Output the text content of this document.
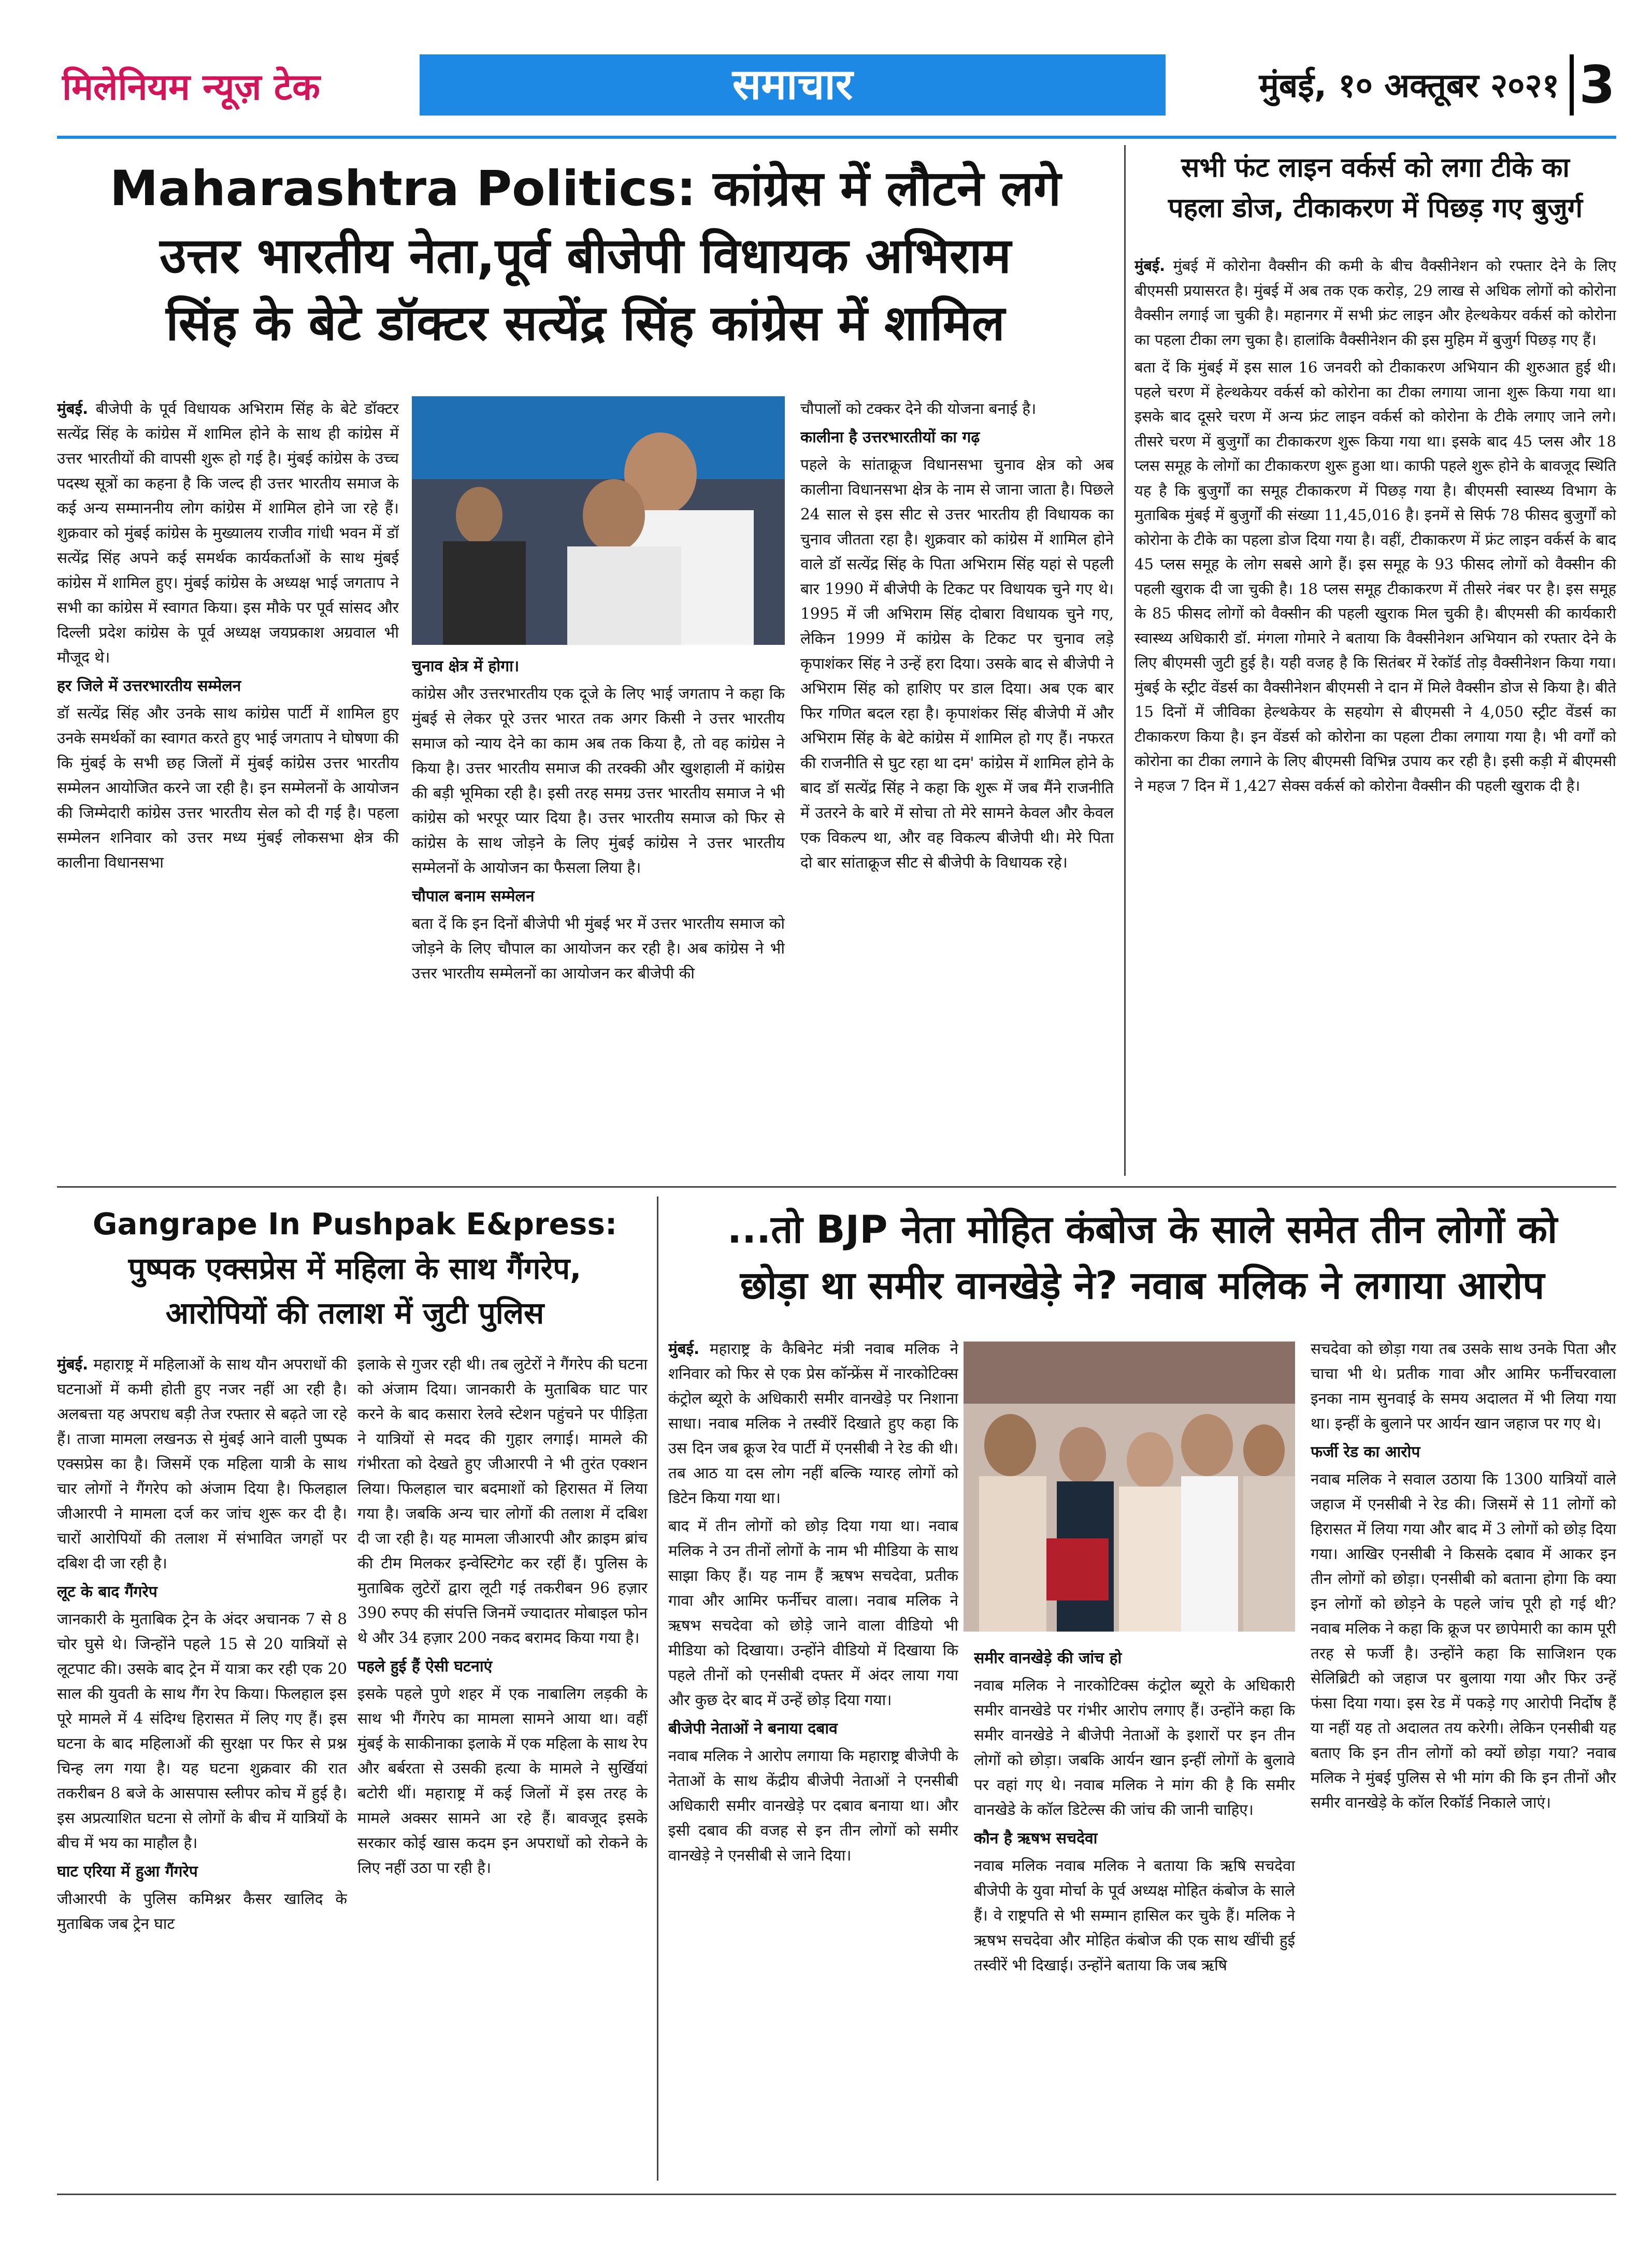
मिलेनियम न्यूज़ टेक	समाचार	मुंबई, १० अक्तूबर २०२१ 3
Maharashtra Politics: कांग्रेस में लौटने लगे
उत्तर भारतीय नेता,पूर्व बीजेपी विधायक अभिराम
सिंह के बेटे डॉक्टर सत्येंद्र सिंह कांग्रेस में शामिल

मुंबई. बीजेपी के पूर्व विधायक अभिराम सिंह के बेटे डॉक्टर सत्येंद्र सिंह के कांग्रेस में शामिल होने के साथ ही कांग्रेस में उत्तर भारतीयों की वापसी शुरू हो गई है। मुंबई कांग्रेस के उच्च पदस्थ सूत्रों का कहना है कि जल्द ही उत्तर भारतीय समाज के कई अन्य सम्माननीय लोग कांग्रेस में शामिल होने जा रहे हैं। शुक्रवार को मुंबई कांग्रेस के मुख्यालय राजीव गांधी भवन में डॉ सत्येंद्र सिंह अपने कई समर्थक कार्यकर्ताओं के साथ मुंबई कांग्रेस में शामिल हुए। मुंबई कांग्रेस के अध्यक्ष भाई जगताप ने सभी का कांग्रेस में स्वागत किया। इस मौके पर पूर्व सांसद और दिल्ली प्रदेश कांग्रेस के पूर्व अध्यक्ष जयप्रकाश अग्रवाल भी मौजूद थे।

हर जिले में उत्तरभारतीय सम्मेलन

डॉ सत्येंद्र सिंह और उनके साथ कांग्रेस पार्टी में शामिल हुए उनके समर्थकों का स्वागत करते हुए भाई जगताप ने घोषणा की कि मुंबई के सभी छह जिलों में मुंबई कांग्रेस उत्तर भारतीय सम्मेलन आयोजित करने जा रही है। इन सम्मेलनों के आयोजन की जिम्मेदारी कांग्रेस उत्तर भारतीय सेल को दी गई है। पहला सम्मेलन शनिवार को उत्तर मध्य मुंबई लोकसभा क्षेत्र की कालीना विधानसभा

चुनाव क्षेत्र में होगा।

कांग्रेस और उत्तरभारतीय एक दूजे के लिए भाई जगताप ने कहा कि मुंबई से लेकर पूरे उत्तर भारत तक अगर किसी ने उत्तर भारतीय समाज को न्याय देने का काम अब तक किया है, तो वह कांग्रेस ने किया है। उत्तर भारतीय समाज की तरक्की और खुशहाली में कांग्रेस की बड़ी भूमिका रही है। इसी तरह समग्र उत्तर भारतीय समाज ने भी कांग्रेस को भरपूर प्यार दिया है। उत्तर भारतीय समाज को फिर से कांग्रेस के साथ जोड़ने के लिए मुंबई कांग्रेस ने उत्तर भारतीय सम्मेलनों के आयोजन का फैसला लिया है।

चौपाल बनाम सम्मेलन

बता दें कि इन दिनों बीजेपी भी मुंबई भर में उत्तर भारतीय समाज को जोड़ने के लिए चौपाल का आयोजन कर रही है। अब कांग्रेस ने भी उत्तर भारतीय सम्मेलनों का आयोजन कर बीजेपी की

चौपालों को टक्कर देने की योजना बनाई है।

कालीना है उत्तरभारतीयों का गढ़

पहले के सांताक्रूज विधानसभा चुनाव क्षेत्र को अब कालीना विधानसभा क्षेत्र के नाम से जाना जाता है। पिछले 24 साल से इस सीट से उत्तर भारतीय ही विधायक का चुनाव जीतता रहा है। शुक्रवार को कांग्रेस में शामिल होने वाले डॉ सत्येंद्र सिंह के पिता अभिराम सिंह यहां से पहली बार 1990 में बीजेपी के टिकट पर विधायक चुने गए थे। 1995 में जी अभिराम सिंह दोबारा विधायक चुने गए, लेकिन 1999 में कांग्रेस के टिकट पर चुनाव लड़े कृपाशंकर सिंह ने उन्हें हरा दिया। उसके बाद से बीजेपी ने अभिराम सिंह को हाशिए पर डाल दिया। अब एक बार फिर गणित बदल रहा है। कृपाशंकर सिंह बीजेपी में और अभिराम सिंह के बेटे कांग्रेस में शामिल हो गए हैं। नफरत की राजनीति से घुट रहा था दम' कांग्रेस में शामिल होने के बाद डॉ सत्येंद्र सिंह ने कहा कि शुरू में जब मैंने राजनीति में उतरने के बारे में सोचा तो मेरे सामने केवल और केवल एक विकल्प था, और वह विकल्प बीजेपी थी। मेरे पिता दो बार सांताक्रूज सीट से बीजेपी के विधायक रहे।

सभी फंट लाइन वर्कर्स को लगा टीके का
पहला डोज, टीकाकरण में पिछड़ गए बुजुर्ग

मुंबई. मुंबई में कोरोना वैक्सीन की कमी के बीच वैक्सीनेशन को रफ्तार देने के लिए बीएमसी प्रयासरत है। मुंबई में अब तक एक करोड़, 29 लाख से अधिक लोगों को कोरोना वैक्सीन लगाई जा चुकी है। महानगर में सभी फ्रंट लाइन और हेल्थकेयर वर्कर्स को कोरोना का पहला टीका लग चुका है। हालांकि वैक्सीनेशन की इस मुहिम में बुजुर्ग पिछड़ गए हैं।

बता दें कि मुंबई में इस साल 16 जनवरी को टीकाकरण अभियान की शुरुआत हुई थी। पहले चरण में हेल्थकेयर वर्कर्स को कोरोना का टीका लगाया जाना शुरू किया गया था। इसके बाद दूसरे चरण में अन्य फ्रंट लाइन वर्कर्स को कोरोना के टीके लगाए जाने लगे। तीसरे चरण में बुजुर्गों का टीकाकरण शुरू किया गया था। इसके बाद 45 प्लस और 18 प्लस समूह के लोगों का टीकाकरण शुरू हुआ था। काफी पहले शुरू होने के बावजूद स्थिति यह है कि बुजुर्गों का समूह टीकाकरण में पिछड़ गया है। बीएमसी स्वास्थ्य विभाग के मुताबिक मुंबई में बुजुर्गों की संख्या 11,45,016 है। इनमें से सिर्फ 78 फीसद बुजुर्गों को कोरोना के टीके का पहला डोज दिया गया है। वहीं, टीकाकरण में फ्रंट लाइन वर्कर्स के बाद 45 प्लस समूह के लोग सबसे आगे हैं। इस समूह के 93 फीसद लोगों को वैक्सीन की पहली खुराक दी जा चुकी है। 18 प्लस समूह टीकाकरण में तीसरे नंबर पर है। इस समूह के 85 फीसद लोगों को वैक्सीन की पहली खुराक मिल चुकी है। बीएमसी की कार्यकारी स्वास्थ्य अधिकारी डॉ. मंगला गोमारे ने बताया कि वैक्सीनेशन अभियान को रफ्तार देने के लिए बीएमसी जुटी हुई है। यही वजह है कि सितंबर में रेकॉर्ड तोड़ वैक्सीनेशन किया गया। मुंबई के स्ट्रीट वेंडर्स का वैक्सीनेशन बीएमसी ने दान में मिले वैक्सीन डोज से किया है। बीते 15 दिनों में जीविका हेल्थकेयर के सहयोग से बीएमसी ने 4,050 स्ट्रीट वेंडर्स का टीकाकरण किया है। इन वेंडर्स को कोरोना का पहला टीका लगाया गया है। भी वर्गों को कोरोना का टीका लगाने के लिए बीएमसी विभिन्न उपाय कर रही है। इसी कड़ी में बीएमसी ने महज 7 दिन में 1,427 सेक्स वर्कर्स को कोरोना वैक्सीन की पहली खुराक दी है।

Gangrape In Pushpak E&press:
पुष्पक एक्सप्रेस में महिला के साथ गैंगरेप,
आरोपियों की तलाश में जुटी पुलिस

मुंबई. महाराष्ट्र में महिलाओं के साथ यौन अपराधों की घटनाओं में कमी होती हुए नजर नहीं आ रही है। अलबत्ता यह अपराध बड़ी तेज रफ्तार से बढ़ते जा रहे हैं। ताजा मामला लखनऊ से मुंबई आने वाली पुष्पक एक्सप्रेस का है। जिसमें एक महिला यात्री के साथ चार लोगों ने गैंगरेप को अंजाम दिया है। फिलहाल जीआरपी ने मामला दर्ज कर जांच शुरू कर दी है। चारों आरोपियों की तलाश में संभावित जगहों पर दबिश दी जा रही है।

लूट के बाद गैंगरेप

जानकारी के मुताबिक ट्रेन के अंदर अचानक 7 से 8 चोर घुसे थे। जिन्होंने पहले 15 से 20 यात्रियों से लूटपाट की। उसके बाद ट्रेन में यात्रा कर रही एक 20 साल की युवती के साथ गैंग रेप किया। फिलहाल इस पूरे मामले में 4 संदिग्ध हिरासत में लिए गए हैं। इस घटना के बाद महिलाओं की सुरक्षा पर फिर से प्रश्न चिन्ह लग गया है। यह घटना शुक्रवार की रात तकरीबन 8 बजे के आसपास स्लीपर कोच में हुई है। इस अप्रत्याशित घटना से लोगों के बीच में यात्रियों के बीच में भय का माहौल है।

घाट एरिया में हुआ गैंगरेप

जीआरपी के पुलिस कमिश्नर कैसर खालिद के मुताबिक जब ट्रेन घाट

इलाके से गुजर रही थी। तब लुटेरों ने गैंगरेप की घटना को अंजाम दिया। जानकारी के मुताबिक घाट पार करने के बाद कसारा रेलवे स्टेशन पहुंचने पर पीड़िता ने यात्रियों से मदद की गुहार लगाई। मामले की गंभीरता को देखते हुए जीआरपी ने भी तुरंत एक्शन लिया। फिलहाल चार बदमाशों को हिरासत में लिया गया है। जबकि अन्य चार लोगों की तलाश में दबिश दी जा रही है। यह मामला जीआरपी और क्राइम ब्रांच की टीम मिलकर इन्वेस्टिगेट कर रहीं हैं। पुलिस के मुताबिक लुटेरों द्वारा लूटी गई तकरीबन 96 हज़ार 390 रुपए की संपत्ति जिनमें ज्यादातर मोबाइल फोन थे और 34 हज़ार 200 नकद बरामद किया गया है।

पहले हुई हैं ऐसी घटनाएं

इसके पहले पुणे शहर में एक नाबालिग लड़की के साथ भी गैंगरेप का मामला सामने आया था। वहीं मुंबई के साकीनाका इलाके में एक महिला के साथ रेप और बर्बरता से उसकी हत्या के मामले ने सुर्खियां बटोरी थीं। महाराष्ट्र में कई जिलों में इस तरह के मामले अक्सर सामने आ रहे हैं। बावजूद इसके सरकार कोई खास कदम इन अपराधों को रोकने के लिए नहीं उठा पा रही है।

...तो BJP नेता मोहित कंबोज के साले समेत तीन लोगों को
छोड़ा था समीर वानखेड़े ने? नवाब मलिक ने लगाया आरोप

मुंबई. महाराष्ट्र के कैबिनेट मंत्री नवाब मलिक ने शनिवार को फिर से एक प्रेस कॉन्फ्रेंस में नारकोटिक्स कंट्रोल ब्यूरो के अधिकारी समीर वानखेड़े पर निशाना साधा। नवाब मलिक ने तस्वीरें दिखाते हुए कहा कि उस दिन जब क्रूज रेव पार्टी में एनसीबी ने रेड की थी। तब आठ या दस लोग नहीं बल्कि ग्यारह लोगों को डिटेन किया गया था।

बाद में तीन लोगों को छोड़ दिया गया था। नवाब मलिक ने उन तीनों लोगों के नाम भी मीडिया के साथ साझा किए हैं। यह नाम हैं ऋषभ सचदेवा, प्रतीक गावा और आमिर फर्नीचर वाला। नवाब मलिक ने ऋषभ सचदेवा को छोड़े जाने वाला वीडियो भी मीडिया को दिखाया। उन्होंने वीडियो में दिखाया कि पहले तीनों को एनसीबी दफ्तर में अंदर लाया गया और कुछ देर बाद में उन्हें छोड़ दिया गया।

बीजेपी नेताओं ने बनाया दबाव

नवाब मलिक ने आरोप लगाया कि महाराष्ट्र बीजेपी के नेताओं के साथ केंद्रीय बीजेपी नेताओं ने एनसीबी अधिकारी समीर वानखेड़े पर दबाव बनाया था। और इसी दबाव की वजह से इन तीन लोगों को समीर वानखेड़े ने एनसीबी से जाने दिया।

समीर वानखेड़े की जांच हो

नवाब मलिक ने नारकोटिक्स कंट्रोल ब्यूरो के अधिकारी समीर वानखेडे पर गंभीर आरोप लगाए हैं। उन्होंने कहा कि समीर वानखेडे ने बीजेपी नेताओं के इशारों पर इन तीन लोगों को छोड़ा। जबकि आर्यन खान इन्हीं लोगों के बुलावे पर वहां गए थे। नवाब मलिक ने मांग की है कि समीर वानखेडे के कॉल डिटेल्स की जांच की जानी चाहिए।

कौन है ऋषभ सचदेवा

नवाब मलिक नवाब मलिक ने बताया कि ऋषि सचदेवा बीजेपी के युवा मोर्चा के पूर्व अध्यक्ष मोहित कंबोज के साले हैं। वे राष्ट्रपति से भी सम्मान हासिल कर चुके हैं। मलिक ने ऋषभ सचदेवा और मोहित कंबोज की एक साथ खींची हुई तस्वीरें भी दिखाई। उन्होंने बताया कि जब ऋषि

सचदेवा को छोड़ा गया तब उसके साथ उनके पिता और चाचा भी थे। प्रतीक गावा और आमिर फर्नीचरवाला इनका नाम सुनवाई के समय अदालत में भी लिया गया था। इन्हीं के बुलाने पर आर्यन खान जहाज पर गए थे।

फर्जी रेड का आरोप

नवाब मलिक ने सवाल उठाया कि 1300 यात्रियों वाले जहाज में एनसीबी ने रेड की। जिसमें से 11 लोगों को हिरासत में लिया गया और बाद में 3 लोगों को छोड़ दिया गया। आखिर एनसीबी ने किसके दबाव में आकर इन तीन लोगों को छोड़ा। एनसीबी को बताना होगा कि क्या इन लोगों को छोड़ने के पहले जांच पूरी हो गई थी? नवाब मलिक ने कहा कि क्रूज पर छापेमारी का काम पूरी तरह से फर्जी है। उन्होंने कहा कि साजिशन एक सेलिब्रिटी को जहाज पर बुलाया गया और फिर उन्हें फंसा दिया गया। इस रेड में पकड़े गए आरोपी निर्दोष हैं या नहीं यह तो अदालत तय करेगी। लेकिन एनसीबी यह बताए कि इन तीन लोगों को क्यों छोड़ा गया? नवाब मलिक ने मुंबई पुलिस से भी मांग की कि इन तीनों और समीर वानखेड़े के कॉल रिकॉर्ड निकाले जाएं।
